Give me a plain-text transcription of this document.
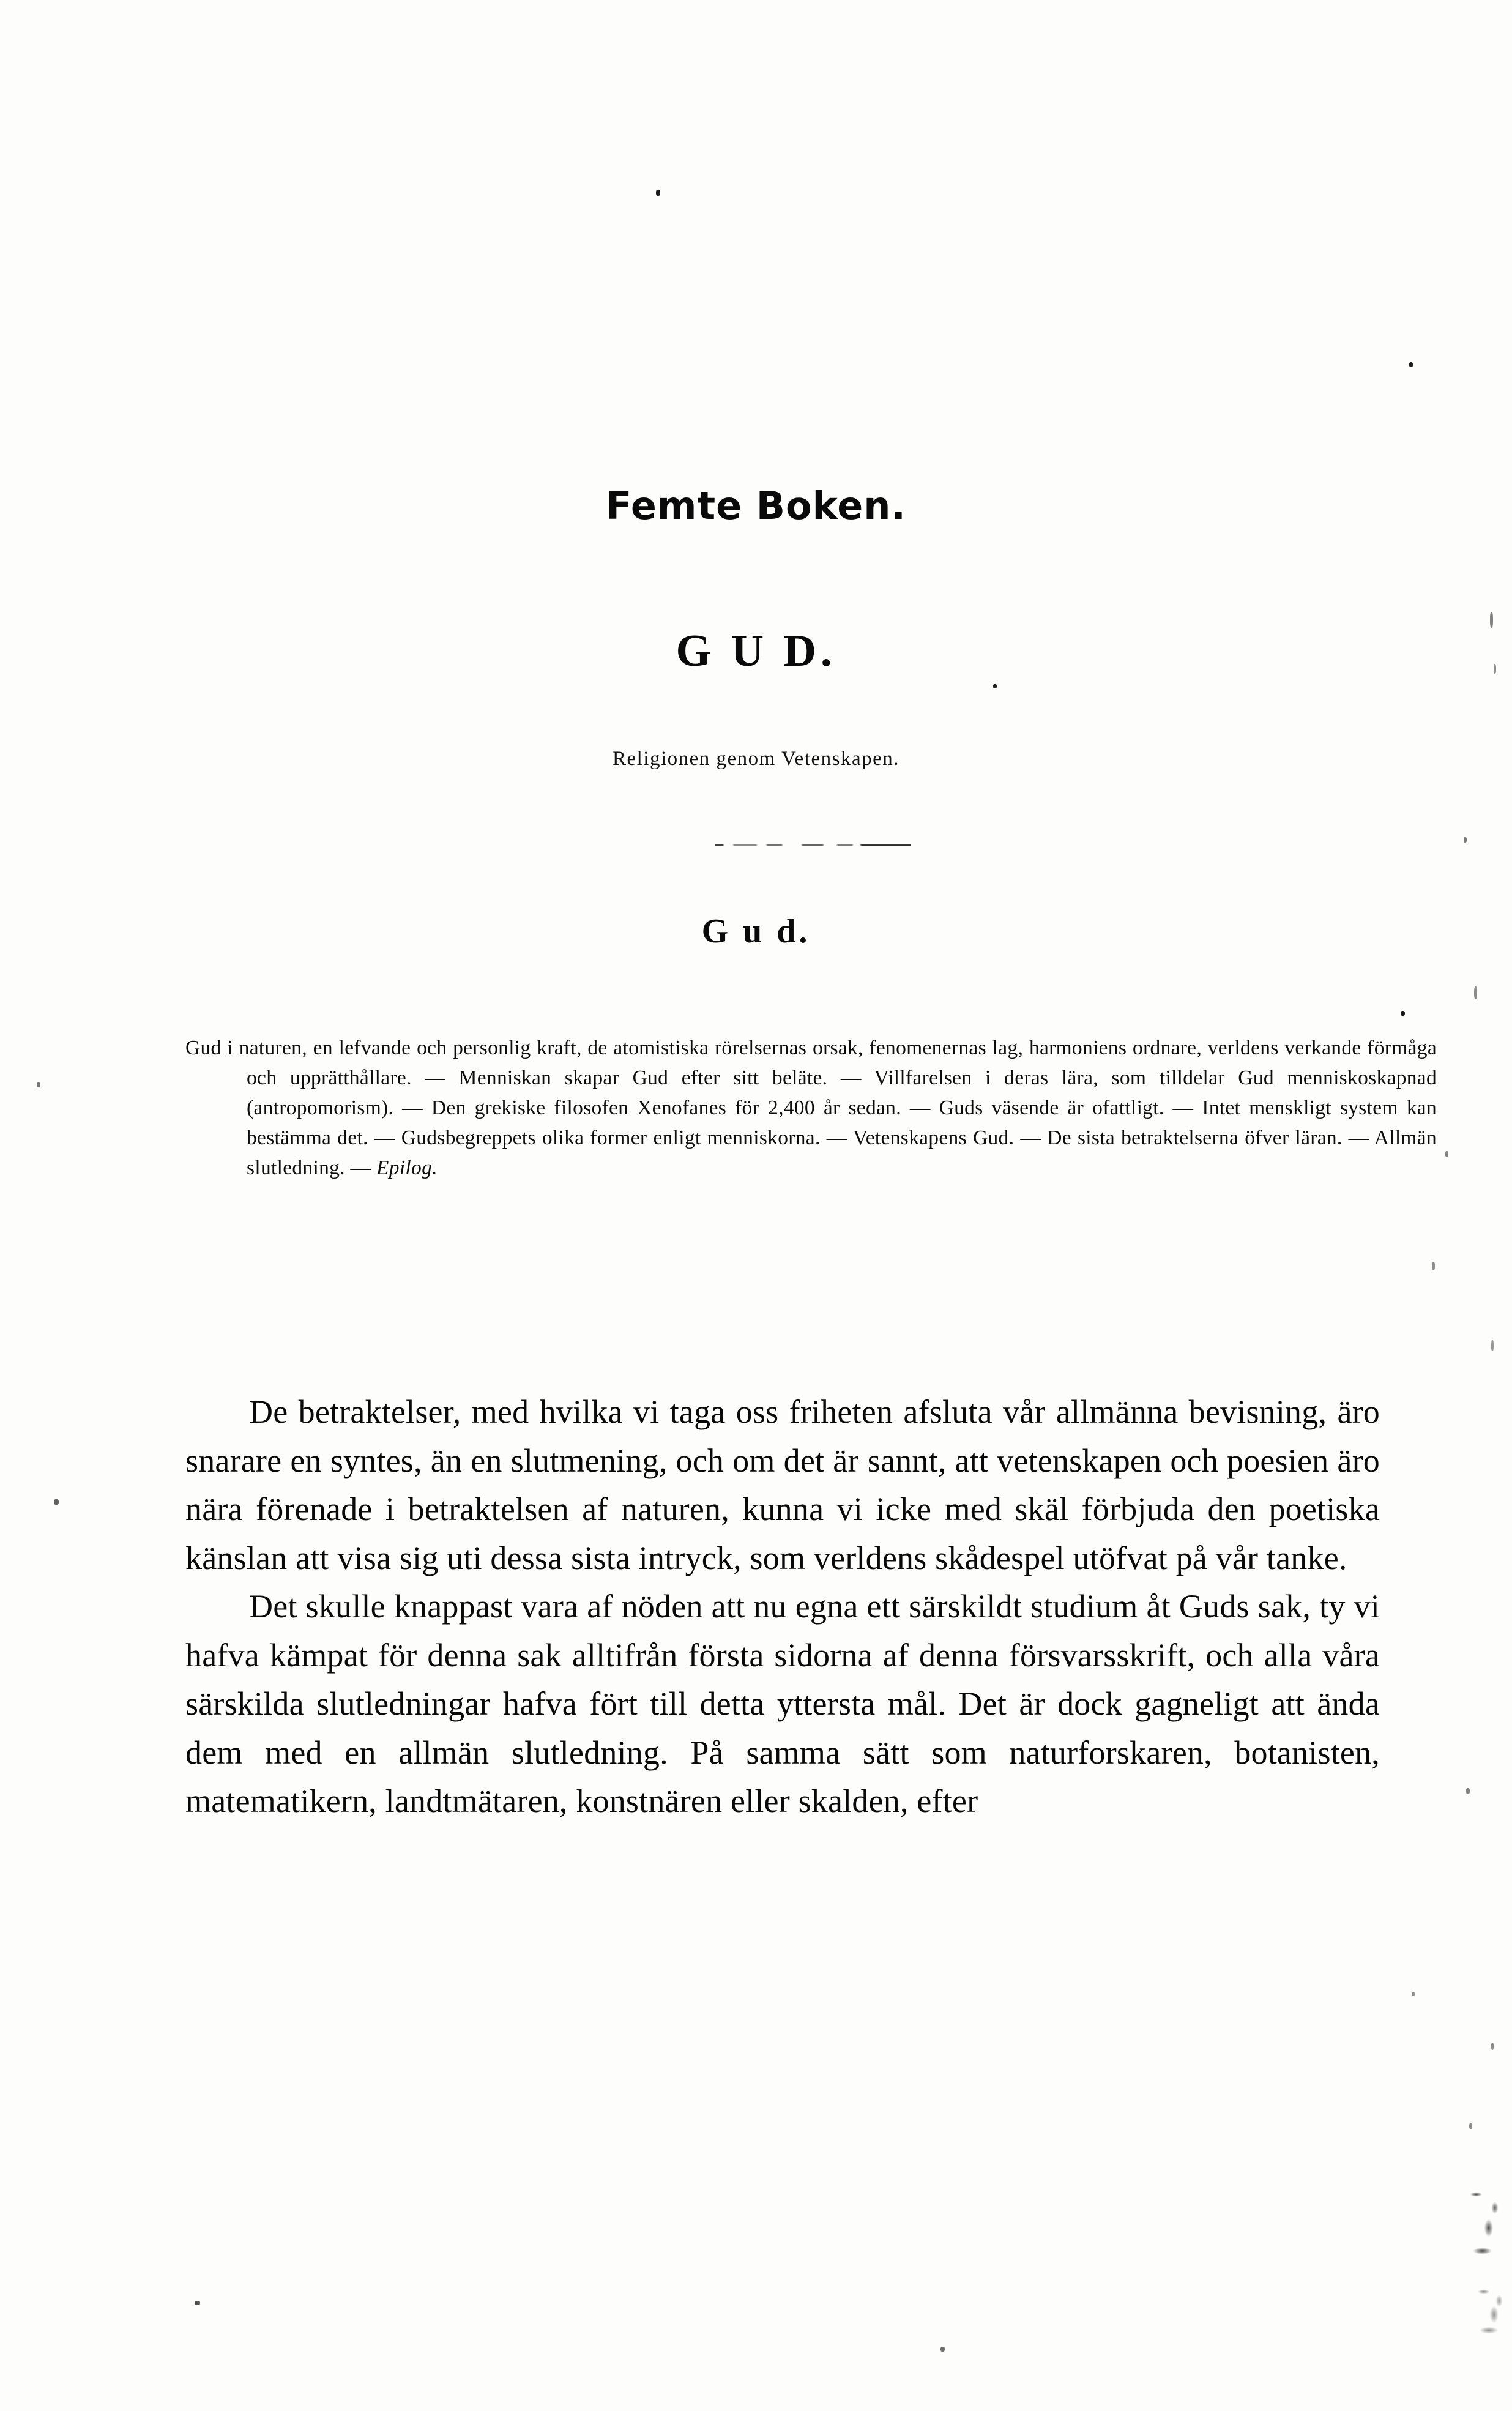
Femte Boken.
G U D.
Religionen genom Vetenskapen.
G u d.
Gud i naturen, en lefvande och personlig kraft, de atomistiska rörelsernas orsak, fenomenernas lag, harmoniens ordnare, verldens verkande förmåga och upprätthållare. — Menniskan skapar Gud efter sitt beläte. — Villfarelsen i deras lära, som tilldelar Gud menniskoskapnad (antropomorism). — Den grekiske filosofen Xenofanes för 2,400 år sedan. — Guds väsende är ofattligt. — Intet menskligt system kan bestämma det. — Gudsbegreppets olika former enligt menniskorna. — Vetenskapens Gud. — De sista betraktelserna öfver läran. — Allmän slutledning. — Epilog.

De betraktelser, med hvilka vi taga oss friheten afsluta vår allmänna bevisning, äro snarare en syntes, än en slutmening, och om det är sannt, att vetenskapen och poesien äro nära förenade i betraktelsen af naturen, kunna vi icke med skäl förbjuda den poetiska känslan att visa sig uti dessa sista intryck, som verldens skådespel utöfvat på vår tanke.

Det skulle knappast vara af nöden att nu egna ett särskildt studium åt Guds sak, ty vi hafva kämpat för denna sak alltifrån första sidorna af denna försvarsskrift, och alla våra särskilda slutledningar hafva fört till detta yttersta mål. Det är dock gagneligt att ända dem med en allmän slutledning. På samma sätt som naturforskaren, botanisten, matematikern, landtmätaren, konstnären eller skalden, efter
